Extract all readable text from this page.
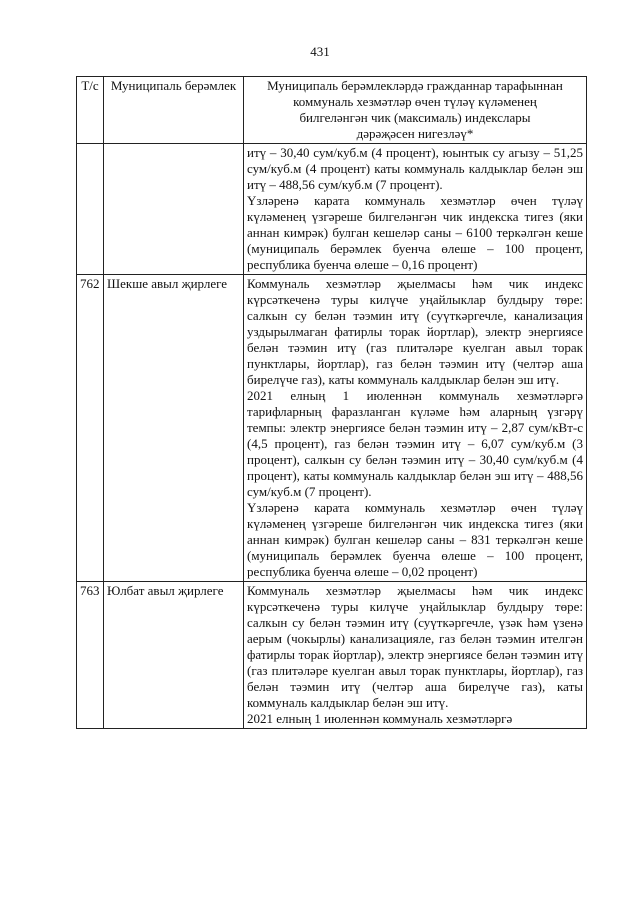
431
Т/с	Муниципаль берәмлек	Муниципаль берәмлекләрдә гражданнар тарафыннан
коммуналь хезмәтләр өчен түләү күләменең
билгеләнгән чик (максималь) индекслары
дәрәҗәсен нигезләү*

		итү – 30,40 сум/куб.м (4 процент), юынтык су агызу – 51,25 сум/куб.м (4 процент) каты коммуналь калдыклар белән эш итү – 488,56 сум/куб.м (7 процент).

Үзләренә карата коммуналь хезмәтләр өчен түләү күләменең үзгәреше билгеләнгән чик индекска тигез (яки аннан кимрәк) булган кешеләр саны – 6100 теркәлгән кеше (муниципаль берәмлек буенча өлеше – 100 процент, республика буенча өлеше – 0,16 процент)

762	Шекше авыл җирлеге	Коммуналь хезмәтләр җыелмасы һәм чик индекс күрсәткеченә туры килүче уңайлыклар булдыру төре: салкын су белән тәэмин итү (суүткәргечле, канализация уздырылмаган фатирлы торак йортлар), электр энергиясе белән тәэмин итү (газ плитәләре куелган авыл торак пунктлары, йортлар), газ белән тәэмин итү (челтәр аша бирелүче газ), каты коммуналь калдыклар белән эш итү.

2021 елның 1 июленнән коммуналь хезмәтләргә тарифларның фаразланган күләме һәм аларның үзгәрү темпы: электр энергиясе белән тәэмин итү – 2,87 сум/кВт-с (4,5 процент), газ белән тәэмин итү – 6,07 сум/куб.м (3 процент), салкын су белән тәэмин итү – 30,40 сум/куб.м (4 процент), каты коммуналь калдыклар белән эш итү – 488,56 сум/куб.м (7 процент).

Үзләренә карата коммуналь хезмәтләр өчен түләү күләменең үзгәреше билгеләнгән чик индекска тигез (яки аннан кимрәк) булган кешеләр саны – 831 теркәлгән кеше (муниципаль берәмлек буенча өлеше – 100 процент, республика буенча өлеше – 0,02 процент)

763	Юлбат авыл җирлеге	Коммуналь хезмәтләр җыелмасы һәм чик индекс күрсәткеченә туры килүче уңайлыклар булдыру төре: салкын су белән тәэмин итү (суүткәргечле, үзәк һәм үзенә аерым (чокырлы) канализацияле, газ белән тәэмин ителгән фатирлы торак йортлар), электр энергиясе белән тәэмин итү (газ плитәләре куелган авыл торак пунктлары, йортлар), газ белән тәэмин итү (челтәр аша бирелүче газ), каты коммуналь калдыклар белән эш итү.

2021 елның 1 июленнән коммуналь хезмәтләргә
